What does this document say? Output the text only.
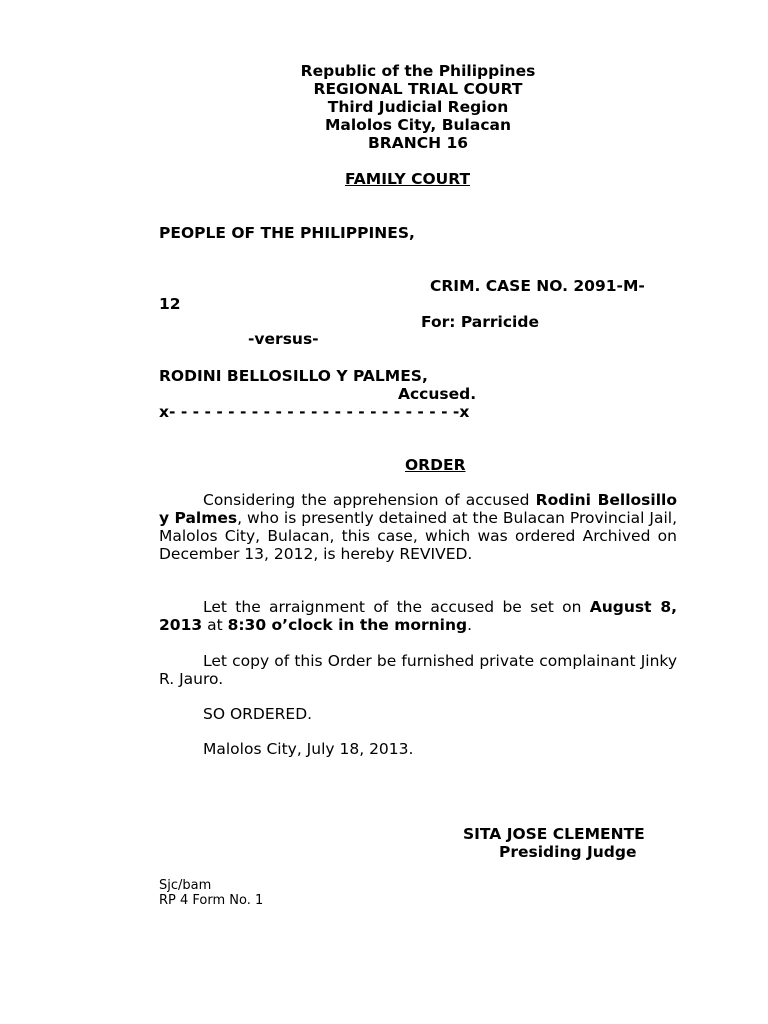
Republic of the Philippines
REGIONAL TRIAL COURT
Third Judicial Region
Malolos City, Bulacan
BRANCH 16
FAMILY COURT
PEOPLE OF THE PHILIPPINES,
CRIM. CASE NO. 2091-M-
12
For: Parricide
-versus-
RODINI BELLOSILLO Y PALMES,
Accused.
x- - - - - - - - - - - - - - - - - - - - - - - - -x
ORDER
Considering the apprehension of accused Rodini Bellosillo y Palmes, who is presently detained at the Bulacan Provincial Jail, Malolos City, Bulacan, this case, which was ordered Archived on December 13, 2012, is hereby REVIVED.
Let the arraignment of the accused be set on August 8, 2013 at 8:30 o’clock in the morning.
Let copy of this Order be furnished private complainant Jinky R. Jauro.
SO ORDERED.
Malolos City, July 18, 2013.
SITA JOSE CLEMENTE
Presiding Judge
Sjc/bam
RP 4 Form No. 1
